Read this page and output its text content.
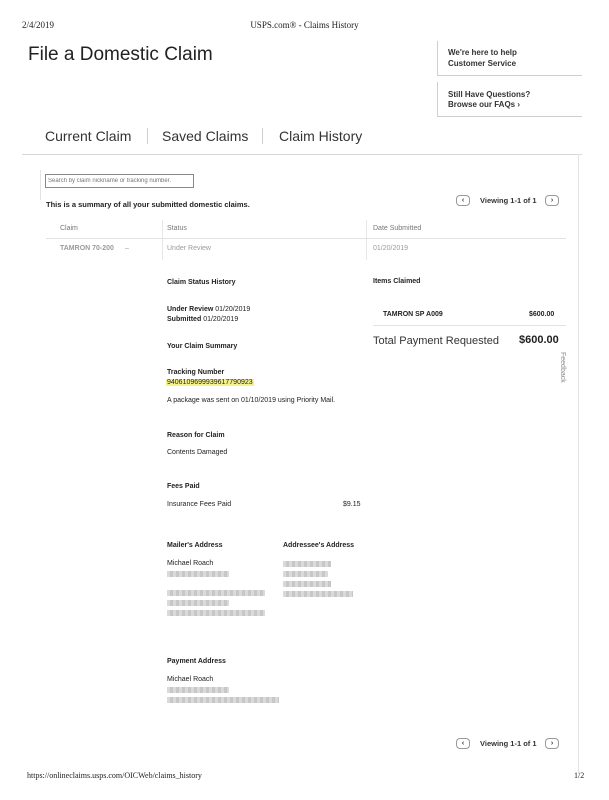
2/4/2019	USPS.com® - Claims History
File a Domestic Claim	We're here to help
Customer Service
Still Have Questions?
Browse our FAQs ›
Current Claim Saved Claims Claim History
Search by claim nickname or tracking number.
This is a summary of all your submitted domestic claims.	‹	Viewing 1-1 of 1	›
Claim	Status	Date Submitted
TAMRON 70-200 –	Under Review	01/20/2019
Claim Status History
Under Review 01/20/2019
Submitted 01/20/2019
Your Claim Summary
Tracking Number
9406109699939617790923
A package was sent on 01/10/2019 using Priority Mail.
Reason for Claim
Contents Damaged
Fees Paid
Insurance Fees Paid	$9.15
Mailer's Address
Michael Roach
Addressee's Address
Payment Address
Michael Roach
Items Claimed
TAMRON SP A009	$600.00
Total Payment Requested $600.00
Feedback
‹	Viewing 1-1 of 1	›
https://onlineclaims.usps.com/OICWeb/claims_history	1/2
